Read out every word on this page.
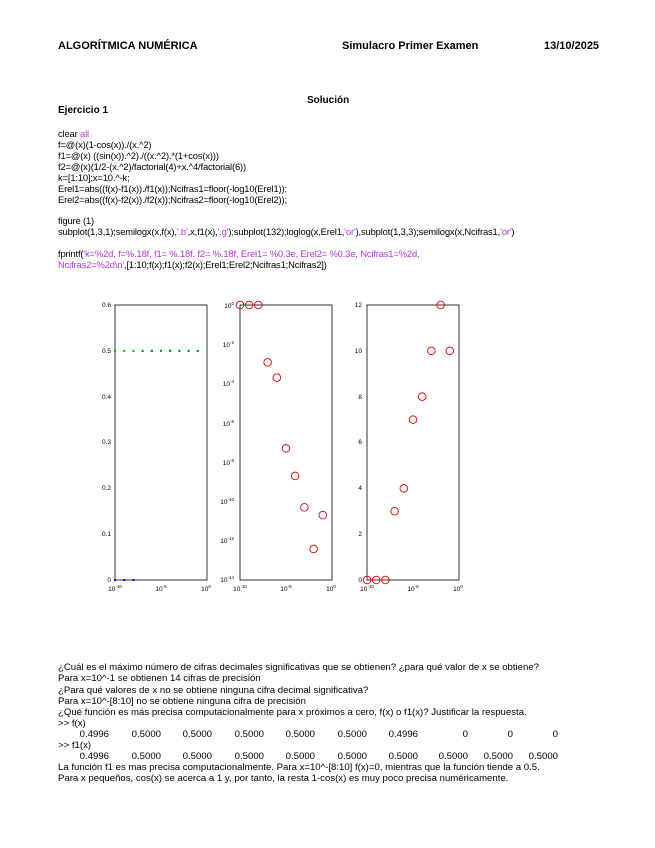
ALGORÍTMICA NUMÉRICA	Simulacro Primer Examen	13/10/2025
Solución
Ejercicio 1
clear all
f=@(x)(1-cos(x))./(x.^2)
f1=@(x) ((sin(x)).^2)./((x.^2).*(1+cos(x)))
f2=@(x)(1/2-(x.^2)/factorial(4)+x.^4/factorial(6))
k=[1:10];x=10.^-k;
Erel1=abs((f(x)-f1(x))./f1(x));Ncifras1=floor(-log10(Erel1));
Erel2=abs((f(x)-f2(x))./f2(x));Ncifras2=floor(-log10(Erel2));
figure (1)
subplot(1,3,1);semilogx(x,f(x),'.b',x,f1(x),'.g');subplot(132);loglog(x,Erel1,'or'),subplot(1,3,3);semilogx(x,Ncifras1,'or')
fprintf('k=%2d, f=%.18f, f1= %.18f, f2= %.18f, Erel1= %0.3e, Erel2= %0.3e, Ncifras1=%2d,
Ncifras2=%2d\n',[1:10;f(x);f1(x);f2(x);Erel1;Erel2;Ncifras1;Ncifras2])
0.6
0.5
0.4
0.3
0.2
0.1
0
$10^0$
$10^{-2}$
$10^{-4}$
$10^{-6}$
$10^{-8}$
$10^{-10}$
$10^{-12}$
$10^{-14}$
12
10
8
6
4
2
0
$10^{-10}$	$10^{-5}$	$10^0$	$10^{-10}$	$10^{-5}$	$10^0$	$10^{-10}$	$10^{-5}$	$10^0$
¿Cuál es el máximo número de cifras decimales significativas que se obtienen? ¿para qué valor de x se obtiene?
Para x=10^-1 se obtienen 14 cifras de precisión
¿Para qué valores de x no se obtiene ninguna cifra decimal significativa?
Para x=10^-[8:10] no se obtiene ninguna cifra de precisión
¿Qué función es más precisa computacionalmente para x próximos a cero, f(x) o f1(x)? Justificar la respuesta.
>> f(x)
0.4996 0.5000 0.5000 0.5000 0.5000 0.5000 0.4996	0	0	0
>> f1(x)
0.4996 0.5000 0.5000 0.5000 0.5000 0.5000 0.5000 0.5000 0.5000 0.5000
La función f1 es mas precisa computacionalmente. Para x=10^-[8:10] f(x)=0, mientras que la función tiende a 0.5.
Para x pequeños, cos(x) se acerca a 1 y, por tanto, la resta 1-cos(x) es muy poco precisa numéricamente.
